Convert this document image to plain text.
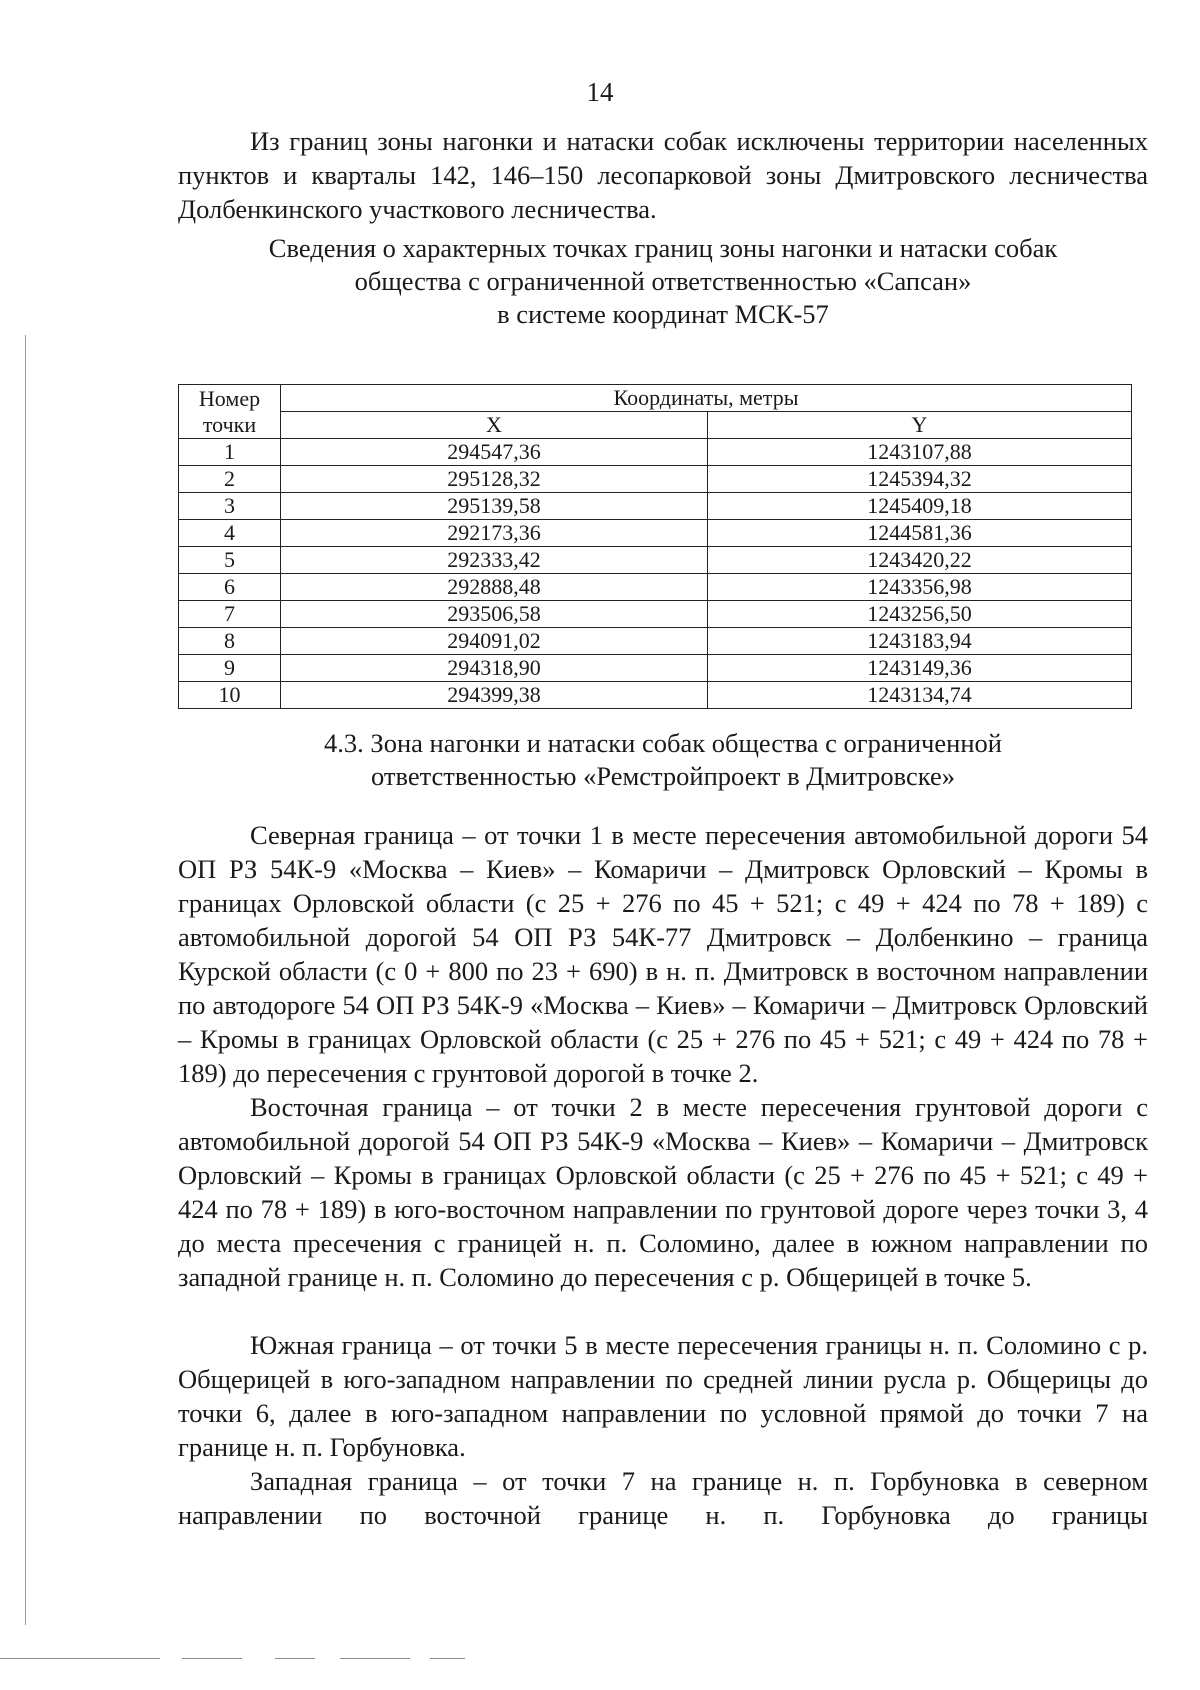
14

Из границ зоны нагонки и натаски собак исключены территории населенных пунктов и кварталы 142, 146–150 лесопарковой зоны Дмитровского лесничества Долбенкинского участкового лесничества.

Сведения о характерных точках границ зоны нагонки и натаски собак
общества с ограниченной ответственностью «Сапсан»
в системе координат МСК-57
Номер
точки	Координаты, метры	
	X	Y
1	294547,36	1243107,88
2	295128,32	1245394,32
3	295139,58	1245409,18
4	292173,36	1244581,36
5	292333,42	1243420,22
6	292888,48	1243356,98
7	293506,58	1243256,50
8	294091,02	1243183,94
9	294318,90	1243149,36
10	294399,38	1243134,74
4.3. Зона нагонки и натаски собак общества с ограниченной
ответственностью «Ремстройпроект в Дмитровске»

Северная граница – от точки 1 в месте пересечения автомобильной дороги 54 ОП РЗ 54К-9 «Москва – Киев» – Комаричи – Дмитровск Орловский – Кромы в границах Орловской области (с 25 + 276 по 45 + 521; с 49 + 424 по 78 + 189) с автомобильной дорогой 54 ОП РЗ 54К-77 Дмитровск – Долбенкино – граница Курской области (с 0 + 800 по 23 + 690) в н. п. Дмитровск в восточном направлении по автодороге 54 ОП РЗ 54К-9 «Москва – Киев» – Комаричи – Дмитровск Орловский – Кромы в границах Орловской области (с 25 + 276 по 45 + 521; с 49 + 424 по 78 + 189) до пересечения с грунтовой дорогой в точке 2.

Восточная граница – от точки 2 в месте пересечения грунтовой дороги с автомобильной дорогой 54 ОП РЗ 54К-9 «Москва – Киев» – Комаричи – Дмитровск Орловский – Кромы в границах Орловской области (с 25 + 276 по 45 + 521; с 49 + 424 по 78 + 189) в юго-восточном направлении по грунтовой дороге через точки 3, 4 до места пресечения с границей н. п. Соломино, далее в южном направлении по западной границе н. п. Соломино до пересечения с р. Общерицей в точке 5.

Южная граница – от точки 5 в месте пересечения границы н. п. Соломино с р. Общерицей в юго-западном направлении по средней линии русла р. Общерицы до точки 6, далее в юго-западном направлении по условной прямой до точки 7 на границе н. п. Горбуновка.

Западная граница – от точки 7 на границе н. п. Горбуновка в северном направлении по восточной границе н. п. Горбуновка до границы
